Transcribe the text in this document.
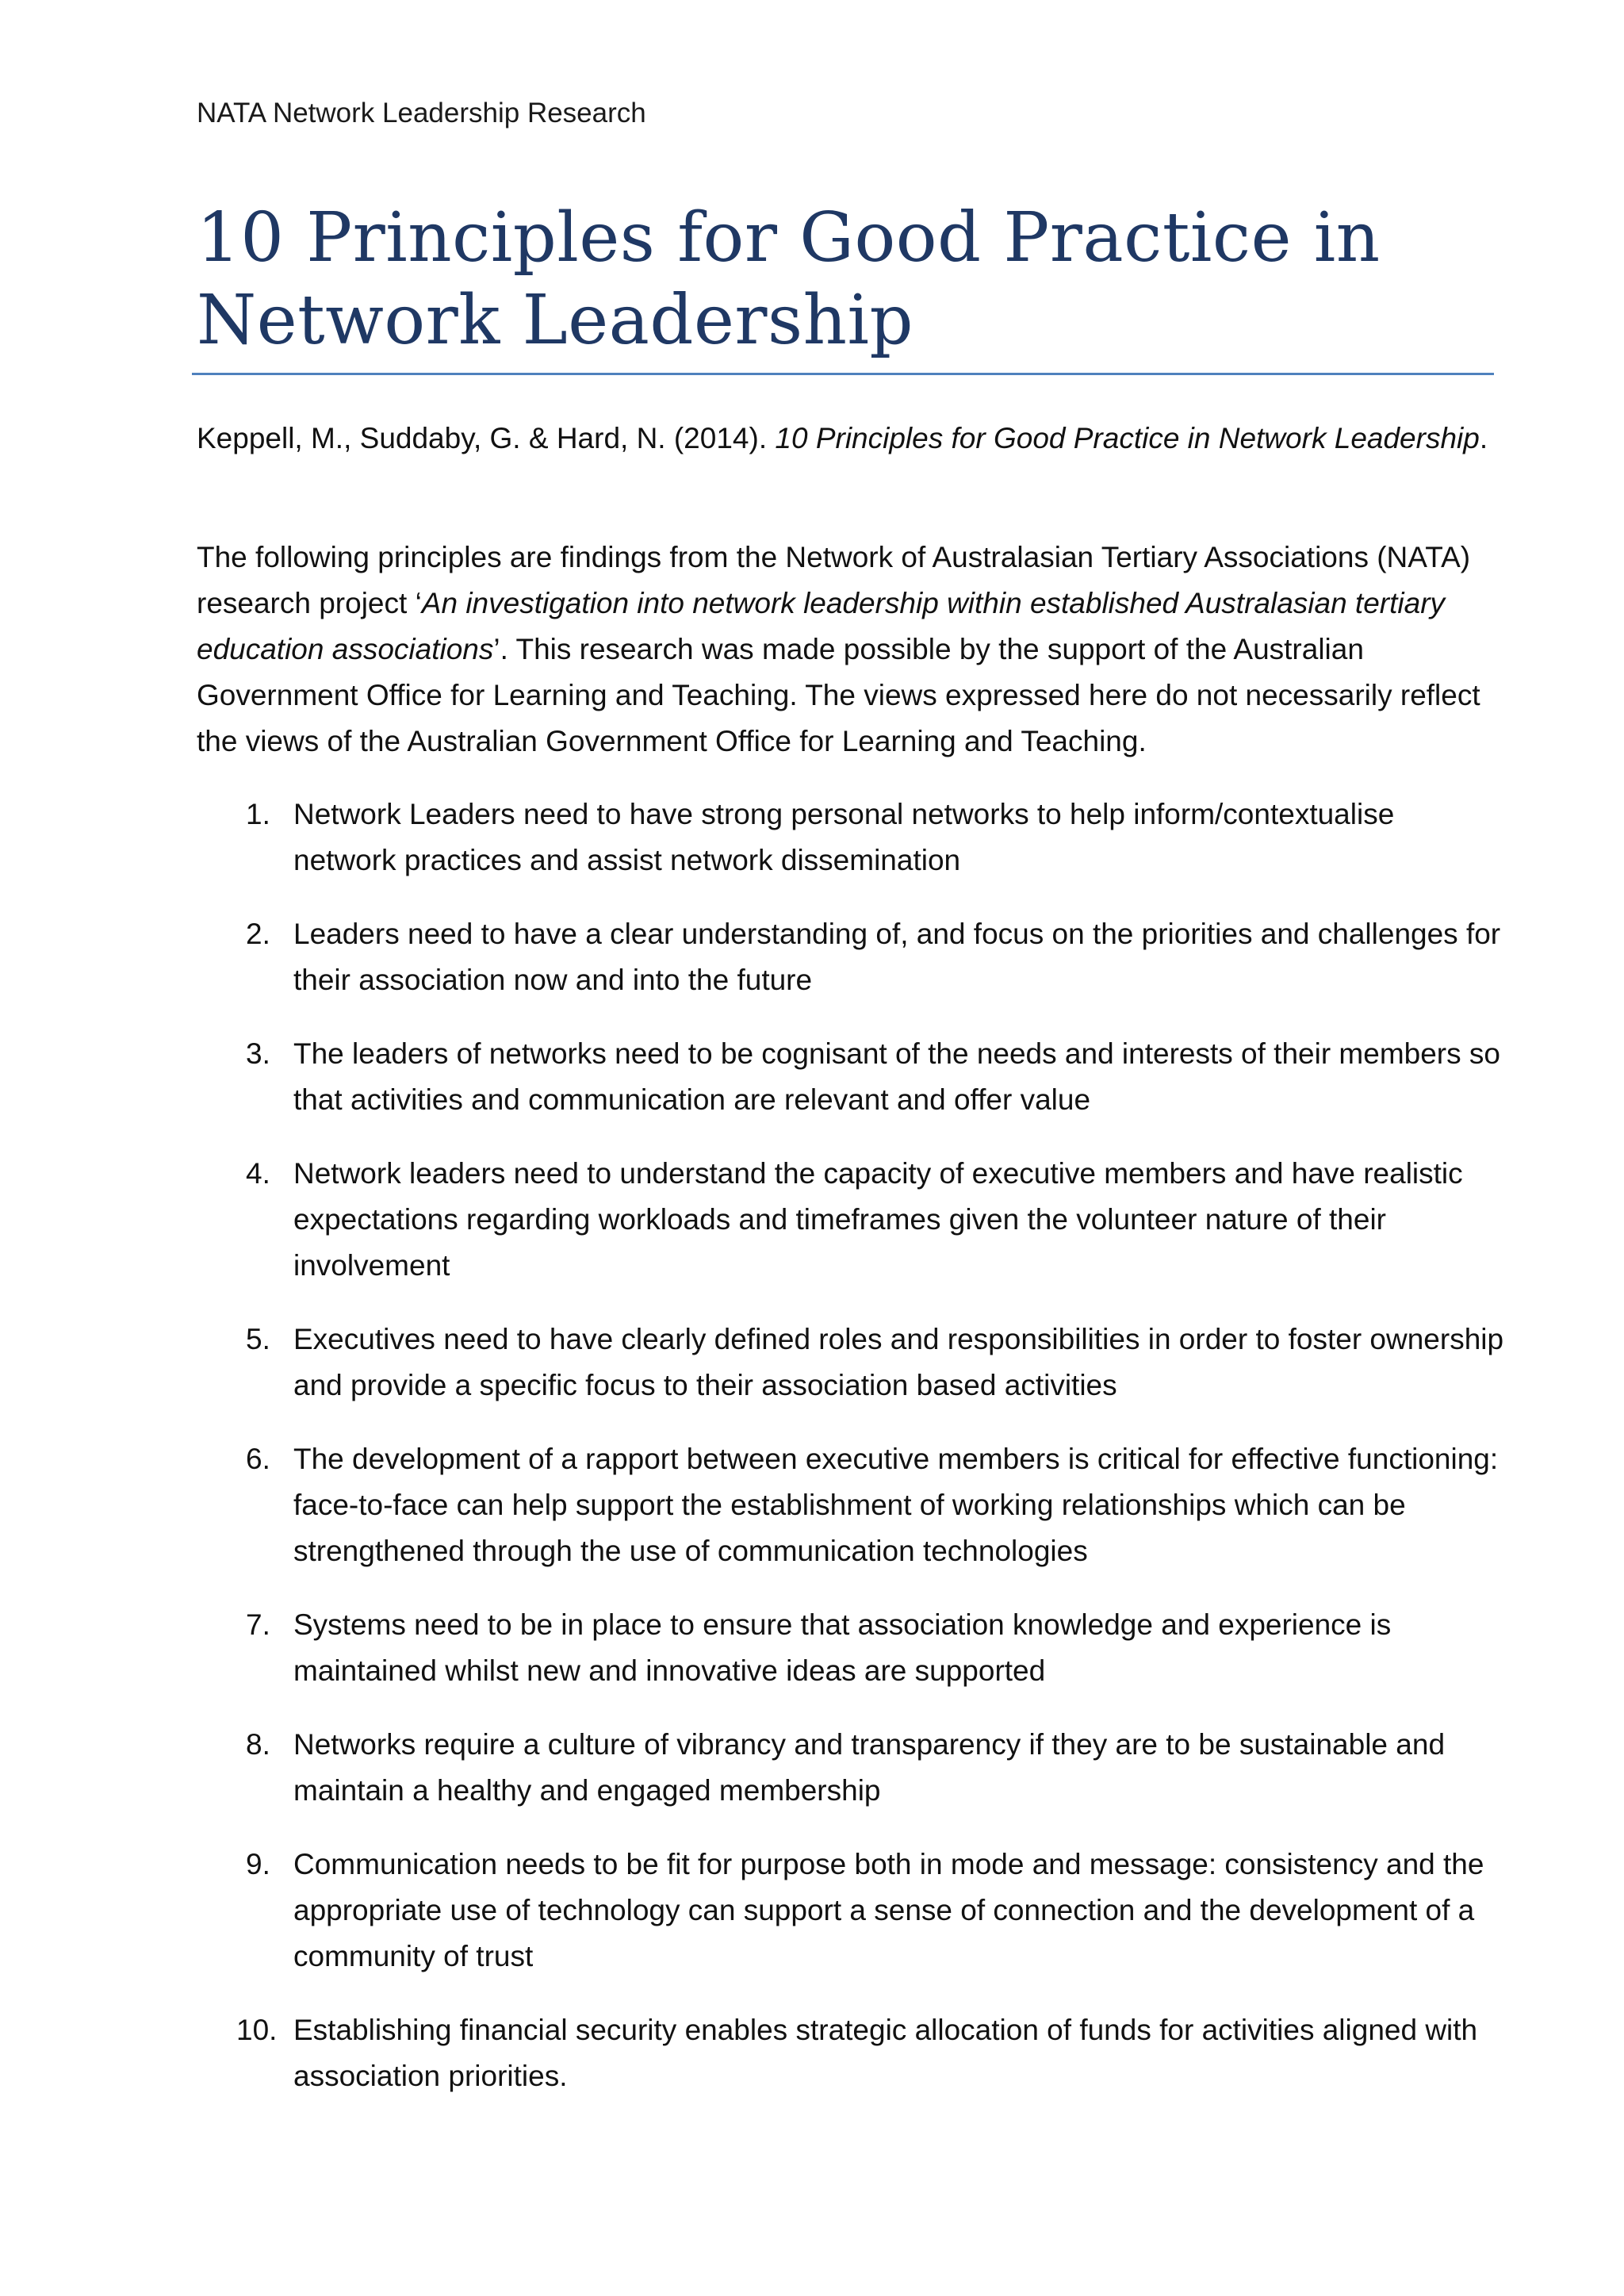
NATA Network Leadership Research
10 Principles for Good Practice in Network Leadership

Keppell, M., Suddaby, G. & Hard, N. (2014). 10 Principles for Good Practice in Network Leadership.

The following principles are findings from the Network of Australasian Tertiary Associations (NATA) research project ‘An investigation into network leadership within established Australasian tertiary education associations’. This research was made possible by the support of the Australian Government Office for Learning and Teaching. The views expressed here do not necessarily reflect the views of the Australian Government Office for Learning and Teaching.

1. Network Leaders need to have strong personal networks to help inform/contextualise network practices and assist network dissemination
2. Leaders need to have a clear understanding of, and focus on the priorities and challenges for their association now and into the future
3. The leaders of networks need to be cognisant of the needs and interests of their members so that activities and communication are relevant and offer value
4. Network leaders need to understand the capacity of executive members and have realistic expectations regarding workloads and timeframes given the volunteer nature of their involvement
5. Executives need to have clearly defined roles and responsibilities in order to foster ownership and provide a specific focus to their association based activities
6. The development of a rapport between executive members is critical for effective functioning: face-to-face can help support the establishment of working relationships which can be strengthened through the use of communication technologies
7. Systems need to be in place to ensure that association knowledge and experience is maintained whilst new and innovative ideas are supported
8. Networks require a culture of vibrancy and transparency if they are to be sustainable and maintain a healthy and engaged membership
9. Communication needs to be fit for purpose both in mode and message: consistency and the appropriate use of technology can support a sense of connection and the development of a community of trust
10. Establishing financial security enables strategic allocation of funds for activities aligned with association priorities.
